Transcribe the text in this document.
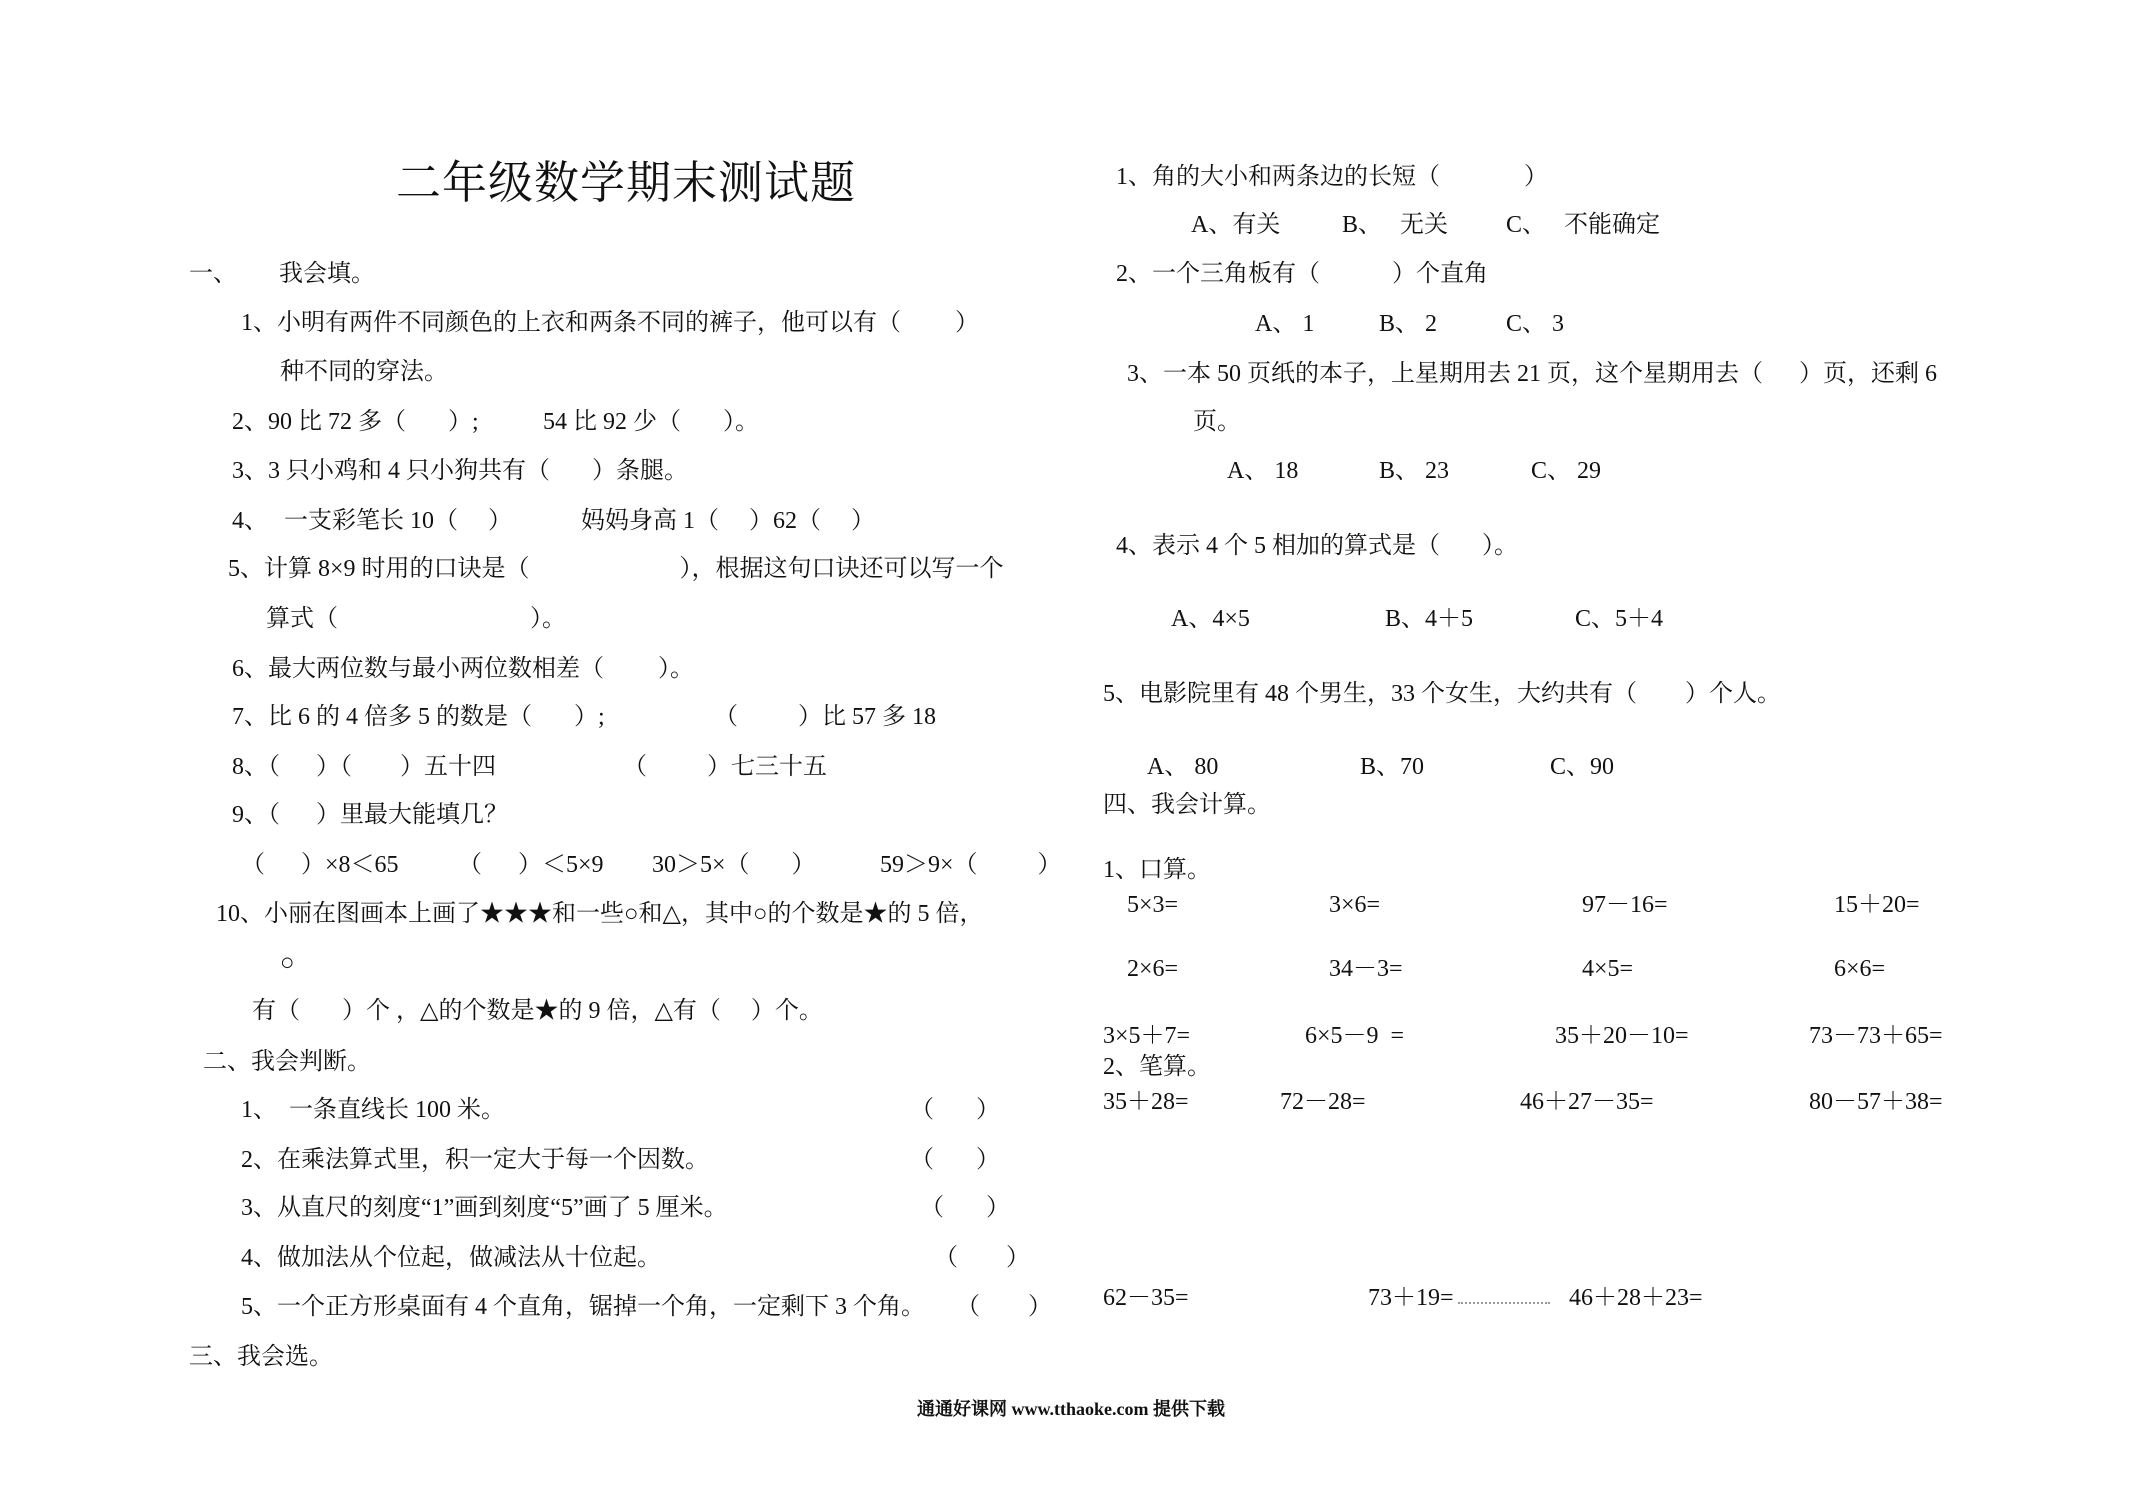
二年级数学期末测试题
一、 我会填。
1、小明有两件不同颜色的上衣和两条不同的裤子，他可以有（         ）
种不同的穿法。
2、90 比 72 多（       ）;	54 比 92 少（       ）。
3、3 只小鸡和 4 只小狗共有（       ）条腿。
4、 一支彩笔长 10（     ）	妈妈身高 1（     ）62（     ）
5、计算 8×9 时用的口诀是（                         ），根据这句口诀还可以写一个
算式（                                ）。
6、最大两位数与最小两位数相差（         ）。
7、比 6 的 4 倍多 5 的数是（       ）;	（          ）比 57 多 18
8、（      ）（        ）五十四	（          ）七三十五
9、（      ）里最大能填几？
（      ）×8＜65 （      ）＜5×9 30＞5×（       ）	59＞9×（          ）
10、小丽在图画本上画了★★★和一些○和△，其中○的个数是★的 5 倍，
○
有（       ）个 ，△的个数是★的 9 倍，△有（     ）个。
二、我会判断。
1、  一条直线长 100 米。	（       ）
2、在乘法算式里，积一定大于每一个因数。	（       ）
3、从直尺的刻度“1”画到刻度“5”画了 5 厘米。	（       ）
4、做加法从个位起，做减法从十位起。	（        ）
5、一个正方形桌面有 4 个直角，锯掉一个角，一定剩下 3 个角。 （        ）
三、我会选。
1、角的大小和两条边的长短（              ）
A、有关	B、   无关 C、   不能确定
2、一个三角板有（            ）个直角
A、 1	B、 2	C、 3
3、一本 50 页纸的本子，上星期用去 21 页，这个星期用去（      ）页，还剩 6
页。
A、 18	B、 23	C、 29
4、表示 4 个 5 相加的算式是（       ）。
A、4×5	B、4＋5	C、5＋4
5、电影院里有 48 个男生，33 个女生，大约共有（        ）个人。
A、 80	B、70	C、90
四、我会计算。
1、口算。
5×3=	3×6=	97－16=	15＋20=
2×6=	34－3=	4×5=	6×6=
3×5＋7=	6×5－9  =	35＋20－10=	73－73＋65=
2、笔算。
35＋28=	72－28=	46＋27－35=	80－57＋38=
62－35=	73＋19=	46＋28＋23=
通通好课网 www.tthaoke.com 提供下载
